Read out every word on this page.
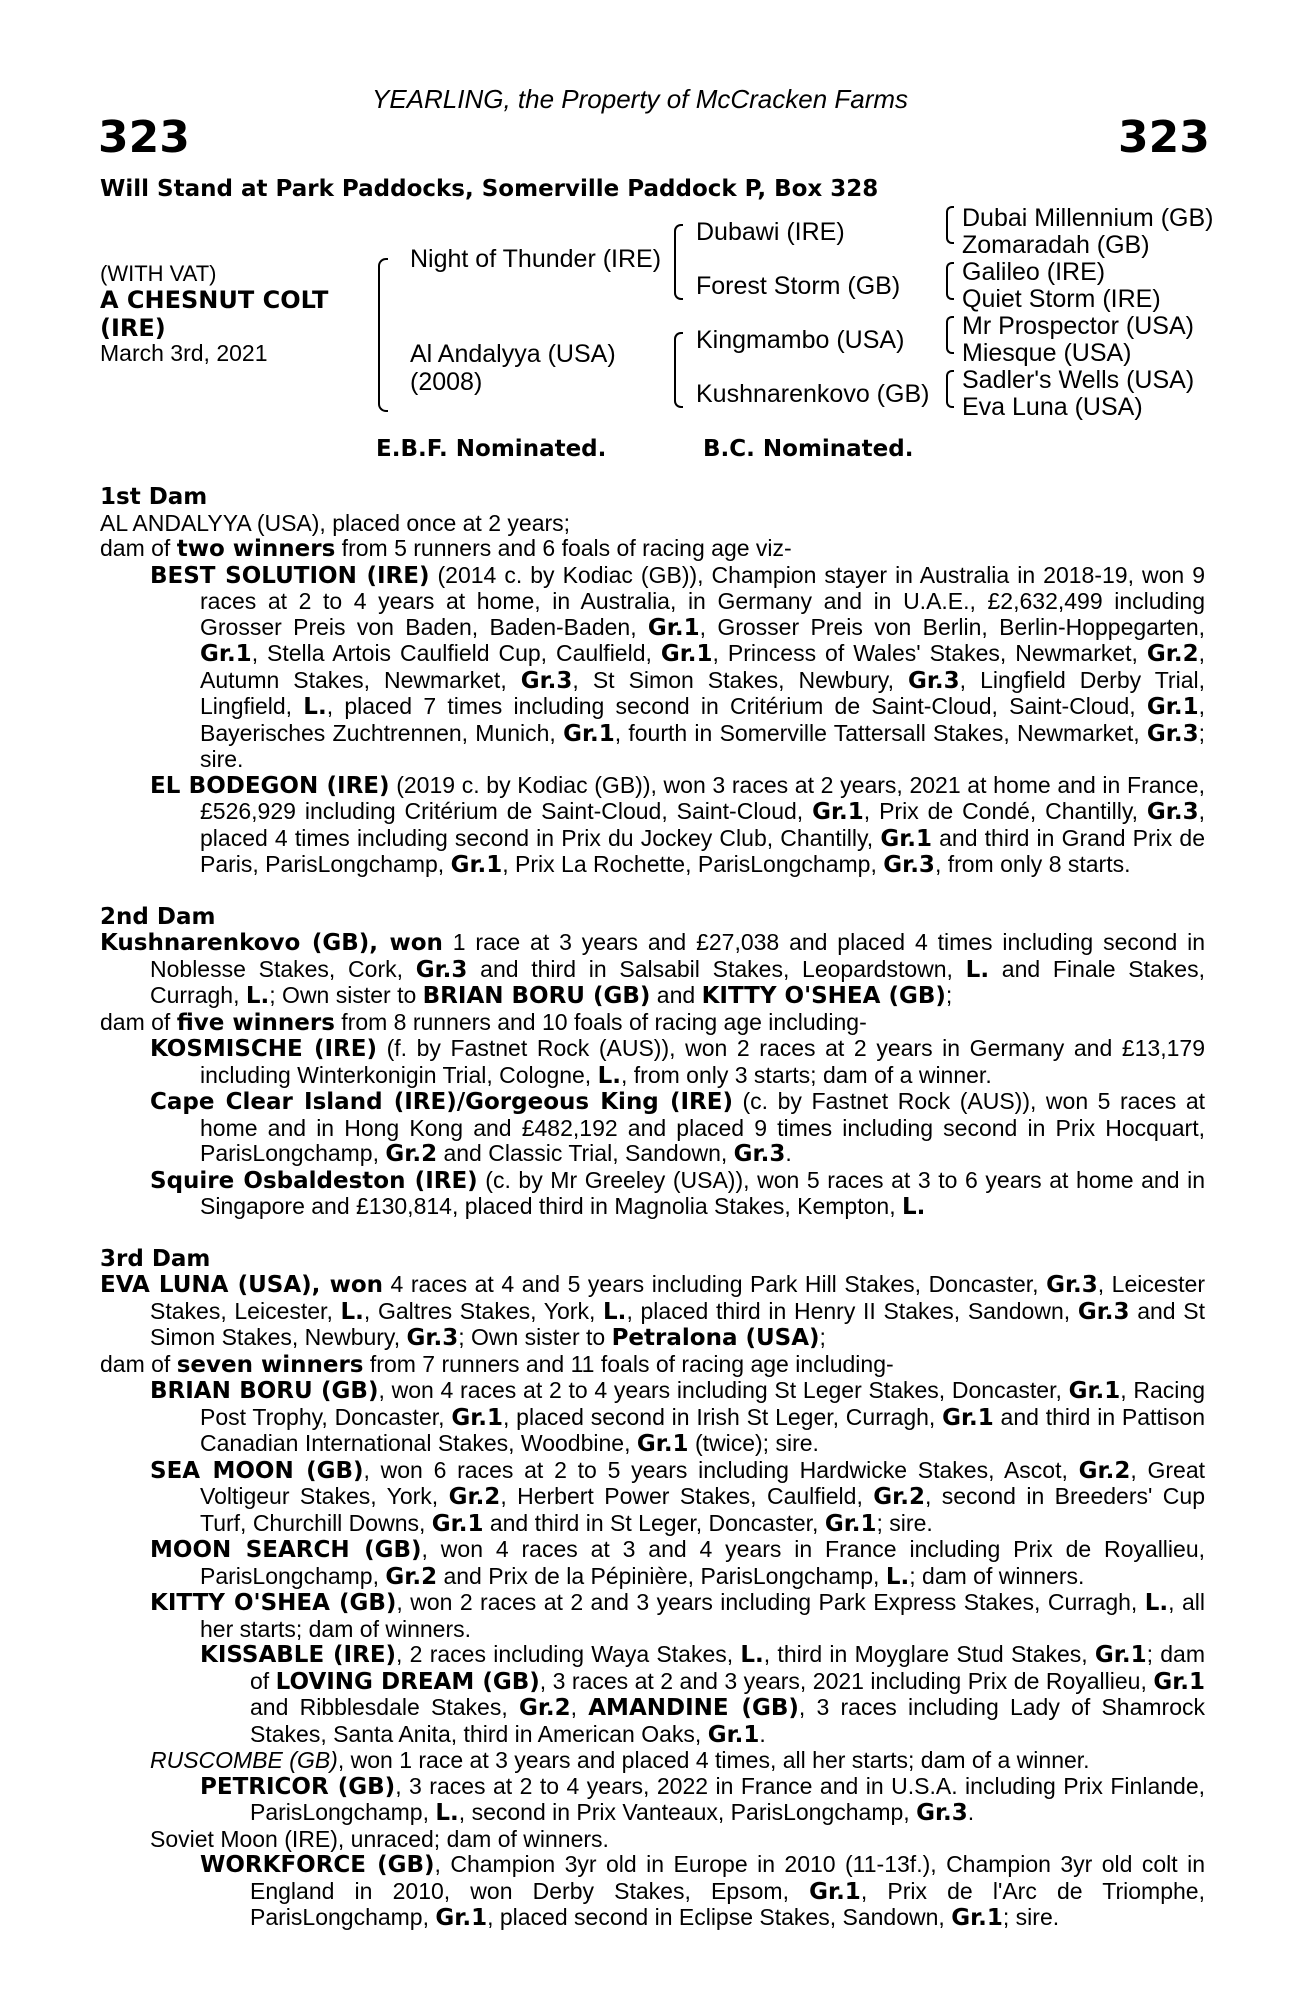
YEARLING, the Property of McCracken Farms
323	323
Will Stand at Park Paddocks, Somerville Paddock P, Box 328
(WITH VAT)
A CHESNUT COLT
(IRE)
March 3rd, 2021
Night of Thunder (IRE)
Al Andalyya (USA)
(2008)
Dubawi (IRE)
Forest Storm (GB)
Kingmambo (USA)
Kushnarenkovo (GB)
Dubai Millennium (GB)
Zomaradah (GB)
Galileo (IRE)
Quiet Storm (IRE)
Mr Prospector (USA)
Miesque (USA)
Sadler's Wells (USA)
Eva Luna (USA)
E.B.F. Nominated.	B.C. Nominated.
1st Dam
AL ANDALYYA (USA), placed once at 2 years;
dam of two winners from 5 runners and 6 foals of racing age viz-
BEST SOLUTION (IRE) (2014 c. by Kodiac (GB)), Champion stayer in Australia in 2018-19, won 9 races at 2 to 4 years at home, in Australia, in Germany and in U.A.E., £2,632,499 including Grosser Preis von Baden, Baden-Baden, Gr.1, Grosser Preis von Berlin, Berlin-Hoppegarten, Gr.1, Stella Artois Caulfield Cup, Caulfield, Gr.1, Princess of Wales' Stakes, Newmarket, Gr.2, Autumn Stakes, Newmarket, Gr.3, St Simon Stakes, Newbury, Gr.3, Lingfield Derby Trial, Lingfield, L., placed 7 times including second in Critérium de Saint-Cloud, Saint-Cloud, Gr.1, Bayerisches Zuchtrennen, Munich, Gr.1, fourth in Somerville Tattersall Stakes, Newmarket, Gr.3; sire.
EL BODEGON (IRE) (2019 c. by Kodiac (GB)), won 3 races at 2 years, 2021 at home and in France, £526,929 including Critérium de Saint-Cloud, Saint-Cloud, Gr.1, Prix de Condé, Chantilly, Gr.3, placed 4 times including second in Prix du Jockey Club, Chantilly, Gr.1 and third in Grand Prix de Paris, ParisLongchamp, Gr.1, Prix La Rochette, ParisLongchamp, Gr.3, from only 8 starts.
2nd Dam
Kushnarenkovo (GB), won 1 race at 3 years and £27,038 and placed 4 times including second in Noblesse Stakes, Cork, Gr.3 and third in Salsabil Stakes, Leopardstown, L. and Finale Stakes, Curragh, L.; Own sister to BRIAN BORU (GB) and KITTY O'SHEA (GB);
dam of five winners from 8 runners and 10 foals of racing age including-
KOSMISCHE (IRE) (f. by Fastnet Rock (AUS)), won 2 races at 2 years in Germany and £13,179 including Winterkonigin Trial, Cologne, L., from only 3 starts; dam of a winner.
Cape Clear Island (IRE)/Gorgeous King (IRE) (c. by Fastnet Rock (AUS)), won 5 races at home and in Hong Kong and £482,192 and placed 9 times including second in Prix Hocquart, ParisLongchamp, Gr.2 and Classic Trial, Sandown, Gr.3.
Squire Osbaldeston (IRE) (c. by Mr Greeley (USA)), won 5 races at 3 to 6 years at home and in Singapore and £130,814, placed third in Magnolia Stakes, Kempton, L.
3rd Dam
EVA LUNA (USA), won 4 races at 4 and 5 years including Park Hill Stakes, Doncaster, Gr.3, Leicester Stakes, Leicester, L., Galtres Stakes, York, L., placed third in Henry II Stakes, Sandown, Gr.3 and St Simon Stakes, Newbury, Gr.3; Own sister to Petralona (USA);
dam of seven winners from 7 runners and 11 foals of racing age including-
BRIAN BORU (GB), won 4 races at 2 to 4 years including St Leger Stakes, Doncaster, Gr.1, Racing Post Trophy, Doncaster, Gr.1, placed second in Irish St Leger, Curragh, Gr.1 and third in Pattison Canadian International Stakes, Woodbine, Gr.1 (twice); sire.
SEA MOON (GB), won 6 races at 2 to 5 years including Hardwicke Stakes, Ascot, Gr.2, Great Voltigeur Stakes, York, Gr.2, Herbert Power Stakes, Caulfield, Gr.2, second in Breeders' Cup Turf, Churchill Downs, Gr.1 and third in St Leger, Doncaster, Gr.1; sire.
MOON SEARCH (GB), won 4 races at 3 and 4 years in France including Prix de Royallieu, ParisLongchamp, Gr.2 and Prix de la Pépinière, ParisLongchamp, L.; dam of winners.
KITTY O'SHEA (GB), won 2 races at 2 and 3 years including Park Express Stakes, Curragh, L., all her starts; dam of winners.
KISSABLE (IRE), 2 races including Waya Stakes, L., third in Moyglare Stud Stakes, Gr.1; dam of LOVING DREAM (GB), 3 races at 2 and 3 years, 2021 including Prix de Royallieu, Gr.1 and Ribblesdale Stakes, Gr.2, AMANDINE (GB), 3 races including Lady of Shamrock Stakes, Santa Anita, third in American Oaks, Gr.1.
RUSCOMBE (GB), won 1 race at 3 years and placed 4 times, all her starts; dam of a winner.
PETRICOR (GB), 3 races at 2 to 4 years, 2022 in France and in U.S.A. including Prix Finlande, ParisLongchamp, L., second in Prix Vanteaux, ParisLongchamp, Gr.3.
Soviet Moon (IRE), unraced; dam of winners.
WORKFORCE (GB), Champion 3yr old in Europe in 2010 (11-13f.), Champion 3yr old colt in England in 2010, won Derby Stakes, Epsom, Gr.1, Prix de l'Arc de Triomphe, ParisLongchamp, Gr.1, placed second in Eclipse Stakes, Sandown, Gr.1; sire.
